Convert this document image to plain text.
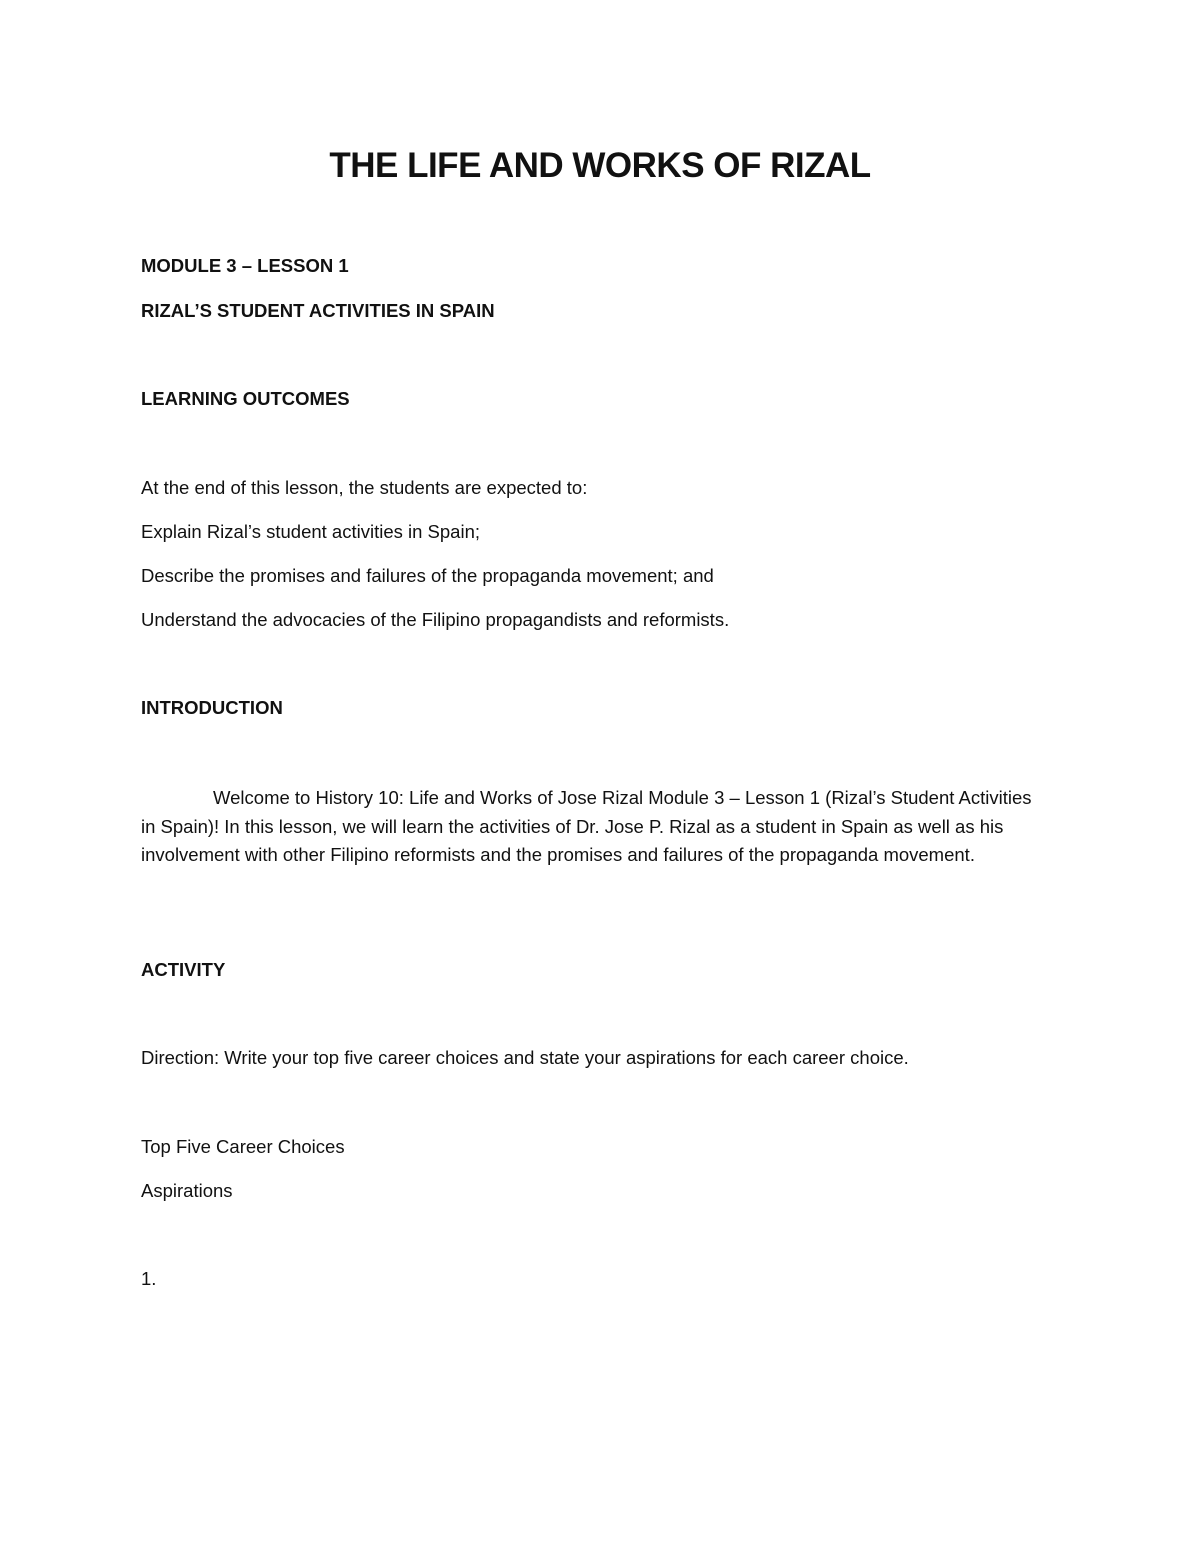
THE LIFE AND WORKS OF RIZAL

MODULE 3 – LESSON 1

RIZAL’S STUDENT ACTIVITIES IN SPAIN

LEARNING OUTCOMES

At the end of this lesson, the students are expected to:

Explain Rizal’s student activities in Spain;

Describe the promises and failures of the propaganda movement; and

Understand the advocacies of the Filipino propagandists and reformists.

INTRODUCTION

Welcome to History 10: Life and Works of Jose Rizal Module 3 – Lesson 1 (Rizal’s Student Activities in Spain)! In this lesson, we will learn the activities of Dr. Jose P. Rizal as a student in Spain as well as his involvement with other Filipino reformists and the promises and failures of the propaganda movement.

ACTIVITY

Direction: Write your top five career choices and state your aspirations for each career choice.

Top Five Career Choices

Aspirations

1.
